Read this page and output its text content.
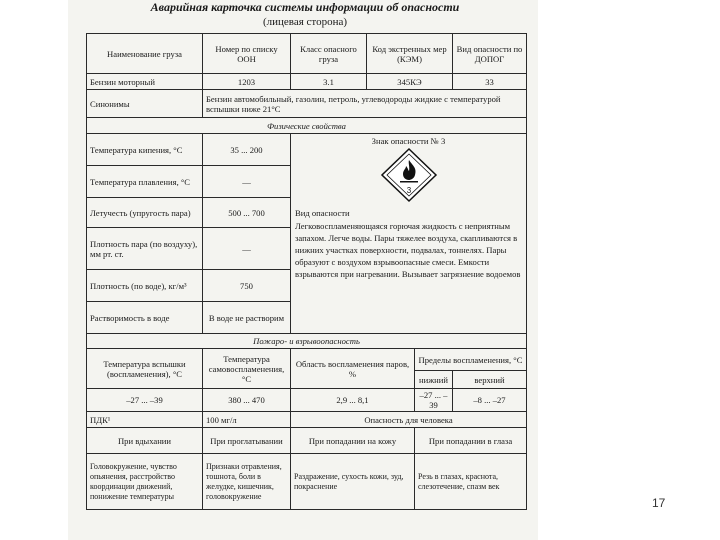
Аварийная карточка системы информации об опасности
(лицевая сторона)
Наименование груза	Номер по списку ООН	Класс опасного груза	Код экстренных мер (КЭМ)		Вид опасности по ДОПОГ
Бензин моторный	1203	3.1	345КЭ		33
Синонимы	Бензин автомобильный, газолин, петроль, углеводороды жидкие с температурой вспышки ниже 21°С				
Физические свойства					
Температура кипения, °С	35 ... 200	Знак опасности № 3
3
Вид опасности
Легковоспламеняющаяся горючая жидкость с неприятным запахом. Легче воды. Пары тяжелее воздуха, скапливаются в нижних участках поверхности, подвалах, тоннелях. Пары образуют с воздухом взрывоопасные смеси. Емкости взрываются при нагревании. Вызывает загрязнение водоемов			

Температура плавления, °С	—				
Летучесть (упругость пара)	500 ... 700				
Плотность пара (по воздуху), мм рт. ст.	—				
Плотность (по воде), кг/м³	750				
Растворимость в воде	В воде не растворим				
Пожаро- и взрывоопасность					
Температура вспышки (воспламенения), °С	Температура самовоспламенения, °С	Область воспламенения паров, %		Пределы воспламенения, °С	
				нижний	верхний
–27 ... –39	380 ... 470	2,9 ... 8,1		–27 ... –39	–8 ... –27
ПДК¹	100 мг/л	Опасность для человека			
При вдыхании	При проглатывании	При попадании на кожу		При попадании в глаза	
Головокружение, чувство опьянения, расстройство координации движений, понижение температуры	Признаки отравления, тошнота, боли в желудке, кишечник, головокружение	Раздражение, сухость кожи, зуд, покраснение		Резь в глазах, краснота, слезотечение, спазм век	
17
